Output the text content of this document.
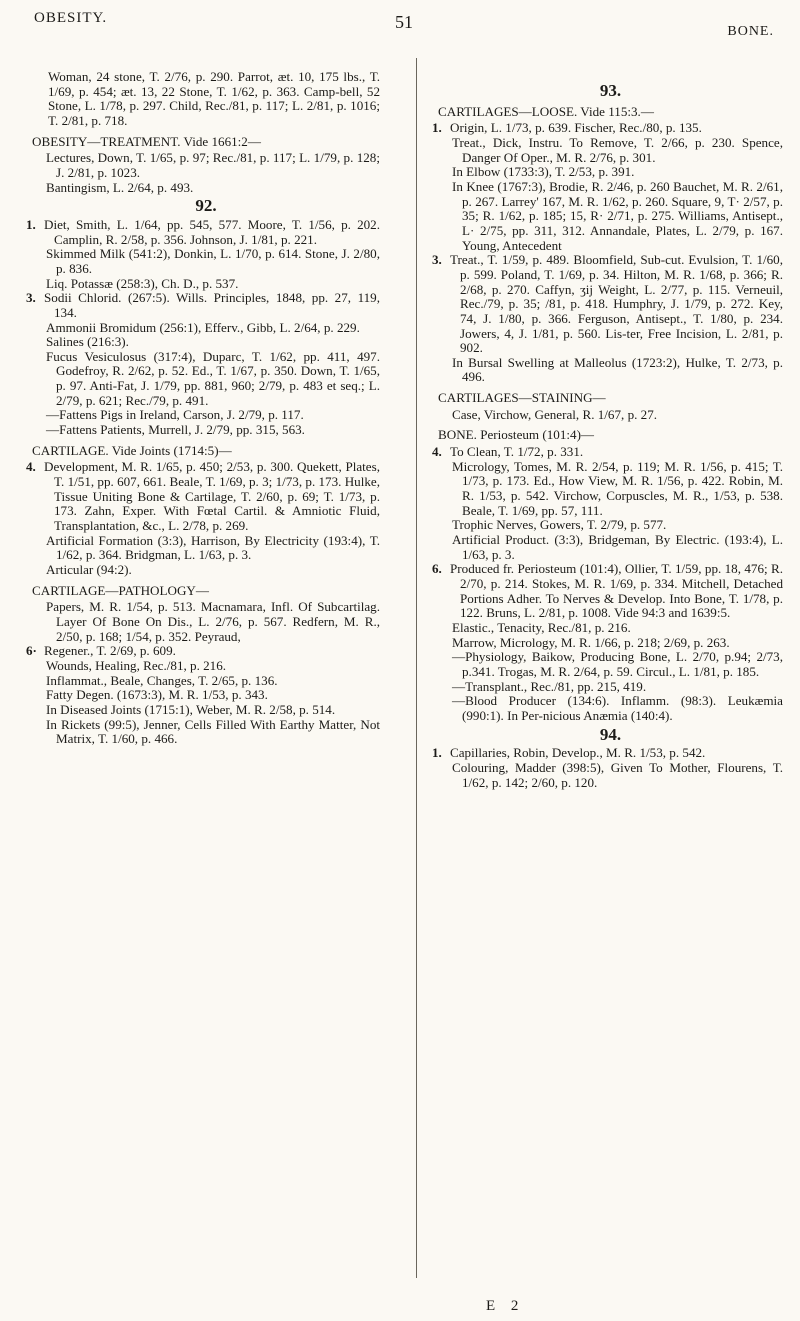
OBESITY.	51	BONE.
Woman, 24 stone, T. 2/76, p. 290. Parrot, æt. 10, 175 lbs., T. 1/69, p. 454; æt. 13, 22 Stone, T. 1/62, p. 363. Camp-bell, 52 Stone, L. 1/78, p. 297. Child, Rec./81, p. 117; L. 2/81, p. 1016; T. 2/81, p. 718.
OBESITY—TREATMENT. Vide 1661:2—
Lectures, Down, T. 1/65, p. 97; Rec./81, p. 117; L. 1/79, p. 128; J. 2/81, p. 1023.
Bantingism, L. 2/64, p. 493.
92.
1. Diet, Smith, L. 1/64, pp. 545, 577. Moore, T. 1/56, p. 202. Camplin, R. 2/58, p. 356. Johnson, J. 1/81, p. 221.
Skimmed Milk (541:2), Donkin, L. 1/70, p. 614. Stone, J. 2/80, p. 836.
Liq. Potassæ (258:3), Ch. D., p. 537.
3. Sodii Chlorid. (267:5). Wills. Principles, 1848, pp. 27, 119, 134.
Ammonii Bromidum (256:1), Efferv., Gibb, L. 2/64, p. 229.
Salines (216:3).
Fucus Vesiculosus (317:4), Duparc, T. 1/62, pp. 411, 497. Godefroy, R. 2/62, p. 52. Ed., T. 1/67, p. 350. Down, T. 1/65, p. 97. Anti-Fat, J. 1/79, pp. 881, 960; 2/79, p. 483 et seq.; L. 2/79, p. 621; Rec./79, p. 491.
—Fattens Pigs in Ireland, Carson, J. 2/79, p. 117.
—Fattens Patients, Murrell, J. 2/79, pp. 315, 563.
CARTILAGE. Vide Joints (1714:5)—
4. Development, M. R. 1/65, p. 450; 2/53, p. 300. Quekett, Plates, T. 1/51, pp. 607, 661. Beale, T. 1/69, p. 3; 1/73, p. 173. Hulke, Tissue Uniting Bone & Cartilage, T. 2/60, p. 69; T. 1/73, p. 173. Zahn, Exper. With Fœtal Cartil. & Amniotic Fluid, Transplantation, &c., L. 2/78, p. 269.
Artificial Formation (3:3), Harrison, By Electricity (193:4), T. 1/62, p. 364. Bridgman, L. 1/63, p. 3.
Articular (94:2).
CARTILAGE—PATHOLOGY—
Papers, M. R. 1/54, p. 513. Macnamara, Infl. Of Subcartilag. Layer Of Bone On Dis., L. 2/76, p. 567. Redfern, M. R., 2/50, p. 168; 1/54, p. 352. Peyraud,
6· Regener., T. 2/69, p. 609.
Wounds, Healing, Rec./81, p. 216.
Inflammat., Beale, Changes, T. 2/65, p. 136.
Fatty Degen. (1673:3), M. R. 1/53, p. 343.
In Diseased Joints (1715:1), Weber, M. R. 2/58, p. 514.
In Rickets (99:5), Jenner, Cells Filled With Earthy Matter, Not Matrix, T. 1/60, p. 466.
93.
CARTILAGES—LOOSE. Vide 115:3.—
1. Origin, L. 1/73, p. 639. Fischer, Rec./80, p. 135.
Treat., Dick, Instru. To Remove, T. 2/66, p. 230. Spence, Danger Of Oper., M. R. 2/76, p. 301.
In Elbow (1733:3), T. 2/53, p. 391.
In Knee (1767:3), Brodie, R. 2/46, p. 260 Bauchet, M. R. 2/61, p. 267. Larrey' 167, M. R. 1/62, p. 260. Square, 9, T· 2/57, p. 35; R. 1/62, p. 185; 15, R· 2/71, p. 275. Williams, Antisept., L· 2/75, pp. 311, 312. Annandale, Plates, L. 2/79, p. 167. Young, Antecedent
3. Treat., T. 1/59, p. 489. Bloomfield, Sub-cut. Evulsion, T. 1/60, p. 599. Poland, T. 1/69, p. 34. Hilton, M. R. 1/68, p. 366; R. 2/68, p. 270. Caffyn, ʒij Weight, L. 2/77, p. 115. Verneuil, Rec./79, p. 35; /81, p. 418. Humphry, J. 1/79, p. 272. Key, 74, J. 1/80, p. 366. Ferguson, Antisept., T. 1/80, p. 234. Jowers, 4, J. 1/81, p. 560. Lis-ter, Free Incision, L. 2/81, p. 902.
In Bursal Swelling at Malleolus (1723:2), Hulke, T. 2/73, p. 496.
CARTILAGES—STAINING—
Case, Virchow, General, R. 1/67, p. 27.
BONE. Periosteum (101:4)—
4. To Clean, T. 1/72, p. 331.
Micrology, Tomes, M. R. 2/54, p. 119; M. R. 1/56, p. 415; T. 1/73, p. 173. Ed., How View, M. R. 1/56, p. 422. Robin, M. R. 1/53, p. 542. Virchow, Corpuscles, M. R., 1/53, p. 538. Beale, T. 1/69, pp. 57, 111.
Trophic Nerves, Gowers, T. 2/79, p. 577.
Artificial Product. (3:3), Bridgeman, By Electric. (193:4), L. 1/63, p. 3.
6. Produced fr. Periosteum (101:4), Ollier, T. 1/59, pp. 18, 476; R. 2/70, p. 214. Stokes, M. R. 1/69, p. 334. Mitchell, Detached Portions Adher. To Nerves & Develop. Into Bone, T. 1/78, p. 122. Bruns, L. 2/81, p. 1008. Vide 94:3 and 1639:5.
Elastic., Tenacity, Rec./81, p. 216.
Marrow, Micrology, M. R. 1/66, p. 218; 2/69, p. 263.
—Physiology, Baikow, Producing Bone, L. 2/70, p.94; 2/73, p.341. Trogas, M. R. 2/64, p. 59. Circul., L. 1/81, p. 185.
—Transplant., Rec./81, pp. 215, 419.
—Blood Producer (134:6). Inflamm. (98:3). Leukæmia (990:1). In Per-nicious Anæmia (140:4).
94.
1. Capillaries, Robin, Develop., M. R. 1/53, p. 542.
Colouring, Madder (398:5), Given To Mother, Flourens, T. 1/62, p. 142; 2/60, p. 120.
E 2
